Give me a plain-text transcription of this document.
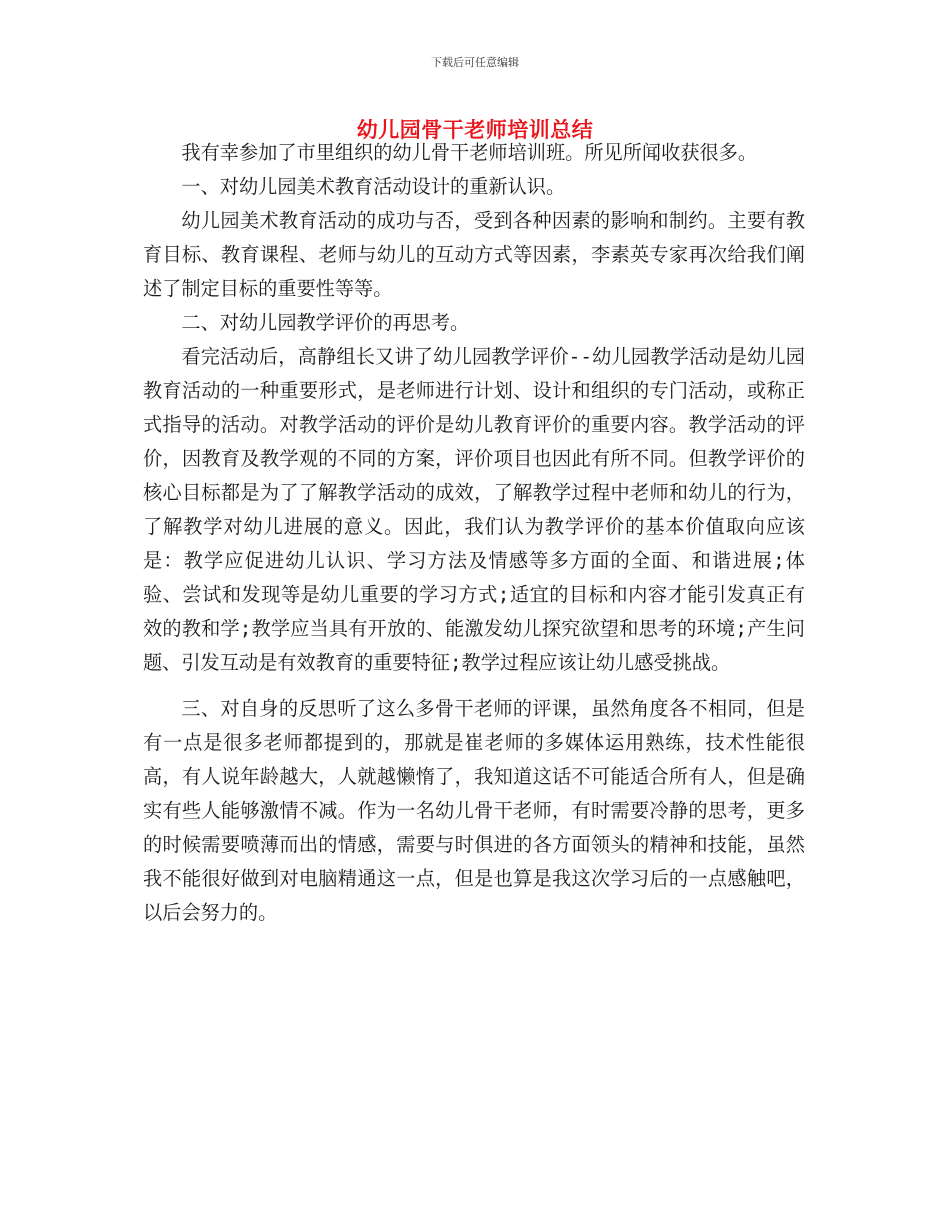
下载后可任意编辑
幼儿园骨干老师培训总结

我有幸参加了市里组织的幼儿骨干老师培训班。所见所闻收获很多。

一、对幼儿园美术教育活动设计的重新认识。

幼儿园美术教育活动的成功与否，受到各种因素的影响和制约。主要有教育目标、教育课程、老师与幼儿的互动方式等因素，李素英专家再次给我们阐述了制定目标的重要性等等。

二、对幼儿园教学评价的再思考。

看完活动后，高静组长又讲了幼儿园教学评价--幼儿园教学活动是幼儿园教育活动的一种重要形式，是老师进行计划、设计和组织的专门活动，或称正式指导的活动。对教学活动的评价是幼儿教育评价的重要内容。教学活动的评价，因教育及教学观的不同的方案，评价项目也因此有所不同。但教学评价的核心目标都是为了了解教学活动的成效，了解教学过程中老师和幼儿的行为，了解教学对幼儿进展的意义。因此，我们认为教学评价的基本价值取向应该是：教学应促进幼儿认识、学习方法及情感等多方面的全面、和谐进展;体验、尝试和发现等是幼儿重要的学习方式;适宜的目标和内容才能引发真正有效的教和学;教学应当具有开放的、能激发幼儿探究欲望和思考的环境;产生问题、引发互动是有效教育的重要特征;教学过程应该让幼儿感受挑战。

三、对自身的反思听了这么多骨干老师的评课，虽然角度各不相同，但是有一点是很多老师都提到的，那就是崔老师的多媒体运用熟练，技术性能很高，有人说年龄越大，人就越懒惰了，我知道这话不可能适合所有人，但是确实有些人能够激情不减。作为一名幼儿骨干老师，有时需要冷静的思考，更多的时候需要喷薄而出的情感，需要与时俱进的各方面领头的精神和技能，虽然我不能很好做到对电脑精通这一点，但是也算是我这次学习后的一点感触吧，以后会努力的。
